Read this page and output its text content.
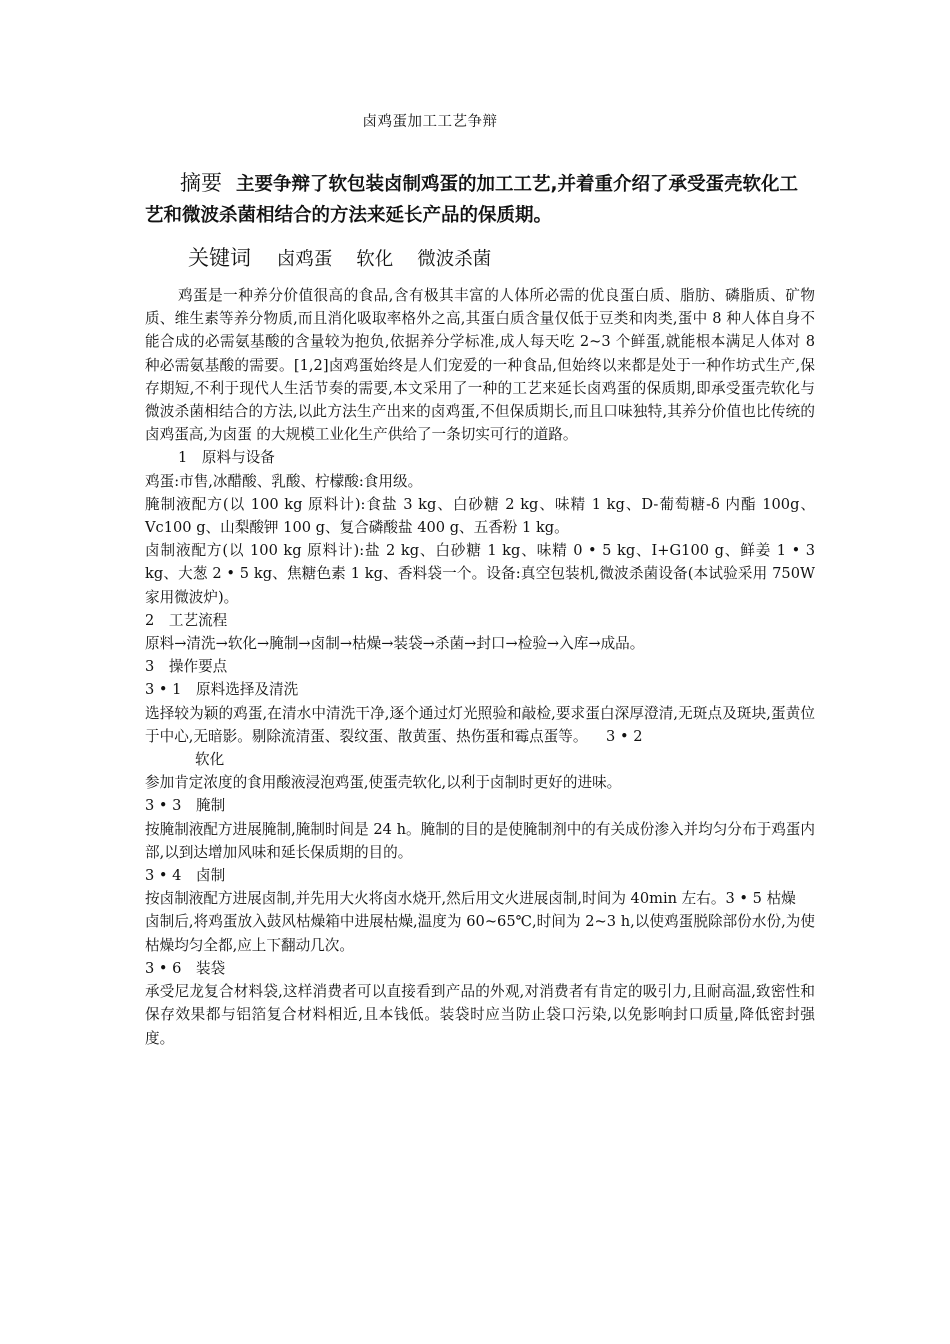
卤鸡蛋加工工艺争辩
摘要 主要争辩了软包装卤制鸡蛋的加工工艺,并着重介绍了承受蛋壳软化工艺和微波杀菌相结合的方法来延长产品的保质期。
关键词 卤鸡蛋 软化 微波杀菌

鸡蛋是一种养分价值很高的食品,含有极其丰富的人体所必需的优良蛋白质、脂肪、磷脂质、矿物质、维生素等养分物质,而且消化吸取率格外之高,其蛋白质含量仅低于豆类和肉类,蛋中 8 种人体自身不能合成的必需氨基酸的含量较为抱负,依据养分学标准,成人每天吃 2~3 个鲜蛋,就能根本满足人体对 8 种必需氨基酸的需要。[1,2]卤鸡蛋始终是人们宠爱的一种食品,但始终以来都是处于一种作坊式生产,保存期短,不利于现代人生活节奏的需要,本文采用了一种的工艺来延长卤鸡蛋的保质期,即承受蛋壳软化与微波杀菌相结合的方法,以此方法生产出来的卤鸡蛋,不但保质期长,而且口味独特,其养分价值也比传统的卤鸡蛋高,为卤蛋 的大规模工业化生产供给了一条切实可行的道路。

1　原料与设备

鸡蛋:市售,冰醋酸、乳酸、柠檬酸:食用级。

腌制液配方(以 100 kg 原料计):食盐 3 kg、白砂糖 2 kg、味精 1 kg、D-葡萄糖-δ 内酯 100g、Vc100 g、山梨酸钾 100 g、复合磷酸盐 400 g、五香粉 1 kg。

卤制液配方(以 100 kg 原料计):盐 2 kg、白砂糖 1 kg、味精 0 • 5 kg、I+G100 g、鲜姜 1 • 3 kg、大葱 2 • 5 kg、焦糖色素 1 kg、香料袋一个。设备:真空包装机,微波杀菌设备(本试验采用 750W 家用微波炉)。

2　工艺流程

原料→清洗→软化→腌制→卤制→枯燥→装袋→杀菌→封口→检验→入库→成品。

3　操作要点

3 • 1　原料选择及清洗

选择较为颖的鸡蛋,在清水中清洗干净,逐个通过灯光照验和敲检,要求蛋白深厚澄清,无斑点及斑块,蛋黄位于中心,无暗影。剔除流清蛋、裂纹蛋、散黄蛋、热伤蛋和霉点蛋等。 3 • 2

软化

参加肯定浓度的食用酸液浸泡鸡蛋,使蛋壳软化,以利于卤制时更好的进味。

3 • 3　腌制

按腌制液配方进展腌制,腌制时间是 24 h。腌制的目的是使腌制剂中的有关成份渗入并均匀分布于鸡蛋内部,以到达增加风味和延长保质期的目的。

3 • 4　卤制

按卤制液配方进展卤制,并先用大火将卤水烧开,然后用文火进展卤制,时间为 40min 左右。3 • 5 枯燥

卤制后,将鸡蛋放入鼓风枯燥箱中进展枯燥,温度为 60~65℃,时间为 2~3 h,以使鸡蛋脱除部份水份,为使枯燥均匀全都,应上下翻动几次。

3 • 6　装袋

承受尼龙复合材料袋,这样消费者可以直接看到产品的外观,对消费者有肯定的吸引力,且耐高温,致密性和保存效果都与铝箔复合材料相近,且本钱低。装袋时应当防止袋口污染,以免影响封口质量,降低密封强度。
